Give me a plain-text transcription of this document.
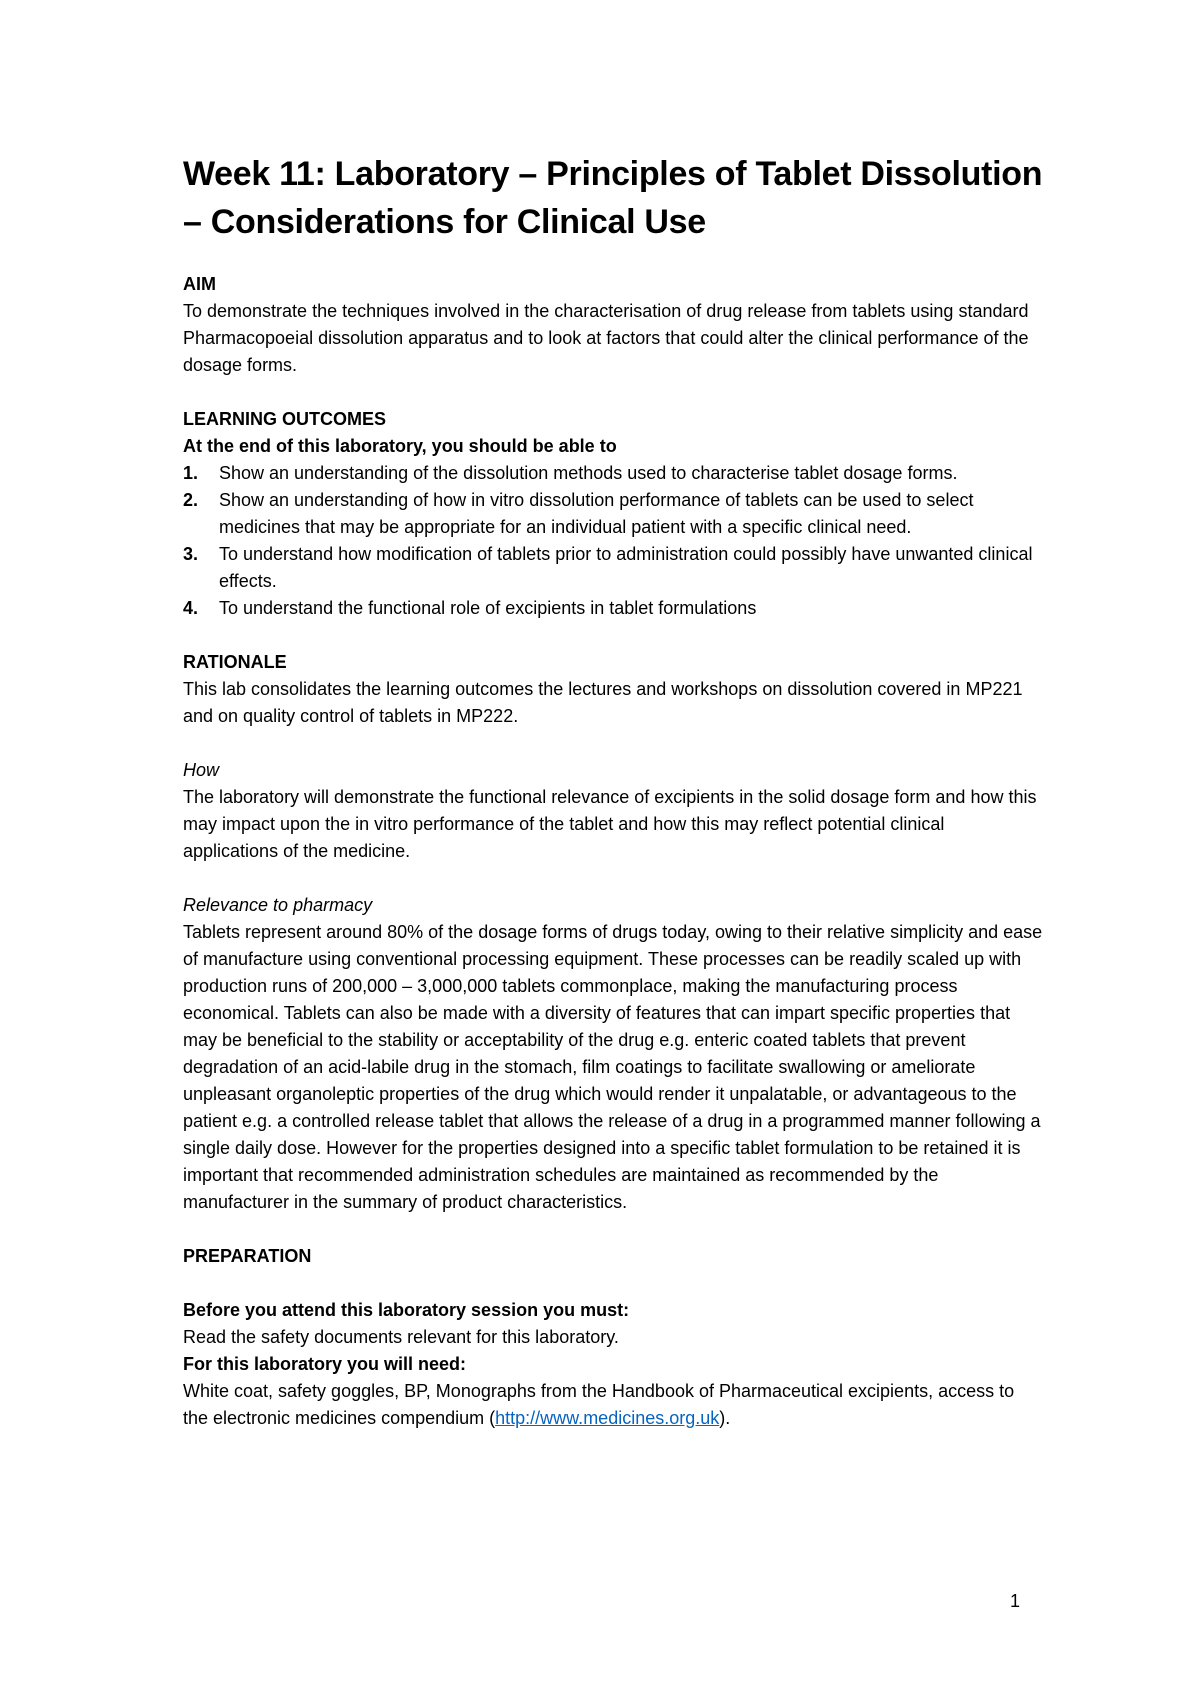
Week 11: Laboratory – Principles of Tablet Dissolution – Considerations for Clinical Use

AIM

To demonstrate the techniques involved in the characterisation of drug release from tablets using standard Pharmacopoeial dissolution apparatus and to look at factors that could alter the clinical performance of the dosage forms.

LEARNING OUTCOMES

At the end of this laboratory, you should be able to

1.	Show an understanding of the dissolution methods used to characterise tablet dosage forms.
2.	Show an understanding of how in vitro dissolution performance of tablets can be used to select medicines that may be appropriate for an individual patient with a specific clinical need.
3.	To understand how modification of tablets prior to administration could possibly have unwanted clinical effects.
4.	To understand the functional role of excipients in tablet formulations

RATIONALE

This lab consolidates the learning outcomes the lectures and workshops on dissolution covered in MP221 and on quality control of tablets in MP222.

How

The laboratory will demonstrate the functional relevance of excipients in the solid dosage form and how this may impact upon the in vitro performance of the tablet and how this may reflect potential clinical applications of the medicine.

Relevance to pharmacy

Tablets represent around 80% of the dosage forms of drugs today, owing to their relative simplicity and ease of manufacture using conventional processing equipment. These processes can be readily scaled up with production runs of 200,000 – 3,000,000 tablets commonplace, making the manufacturing process economical. Tablets can also be made with a diversity of features that can impart specific properties that may be beneficial to the stability or acceptability of the drug e.g. enteric coated tablets that prevent degradation of an acid-labile drug in the stomach, film coatings to facilitate swallowing or ameliorate unpleasant organoleptic properties of the drug which would render it unpalatable, or advantageous to the patient e.g. a controlled release tablet that allows the release of a drug in a programmed manner following a single daily dose. However for the properties designed into a specific tablet formulation to be retained it is important that recommended administration schedules are maintained as recommended by the manufacturer in the summary of product characteristics.

PREPARATION

Before you attend this laboratory session you must:

Read the safety documents relevant for this laboratory.

For this laboratory you will need:

White coat, safety goggles, BP, Monographs from the Handbook of Pharmaceutical excipients, access to the electronic medicines compendium (http://www.medicines.org.uk).

1
